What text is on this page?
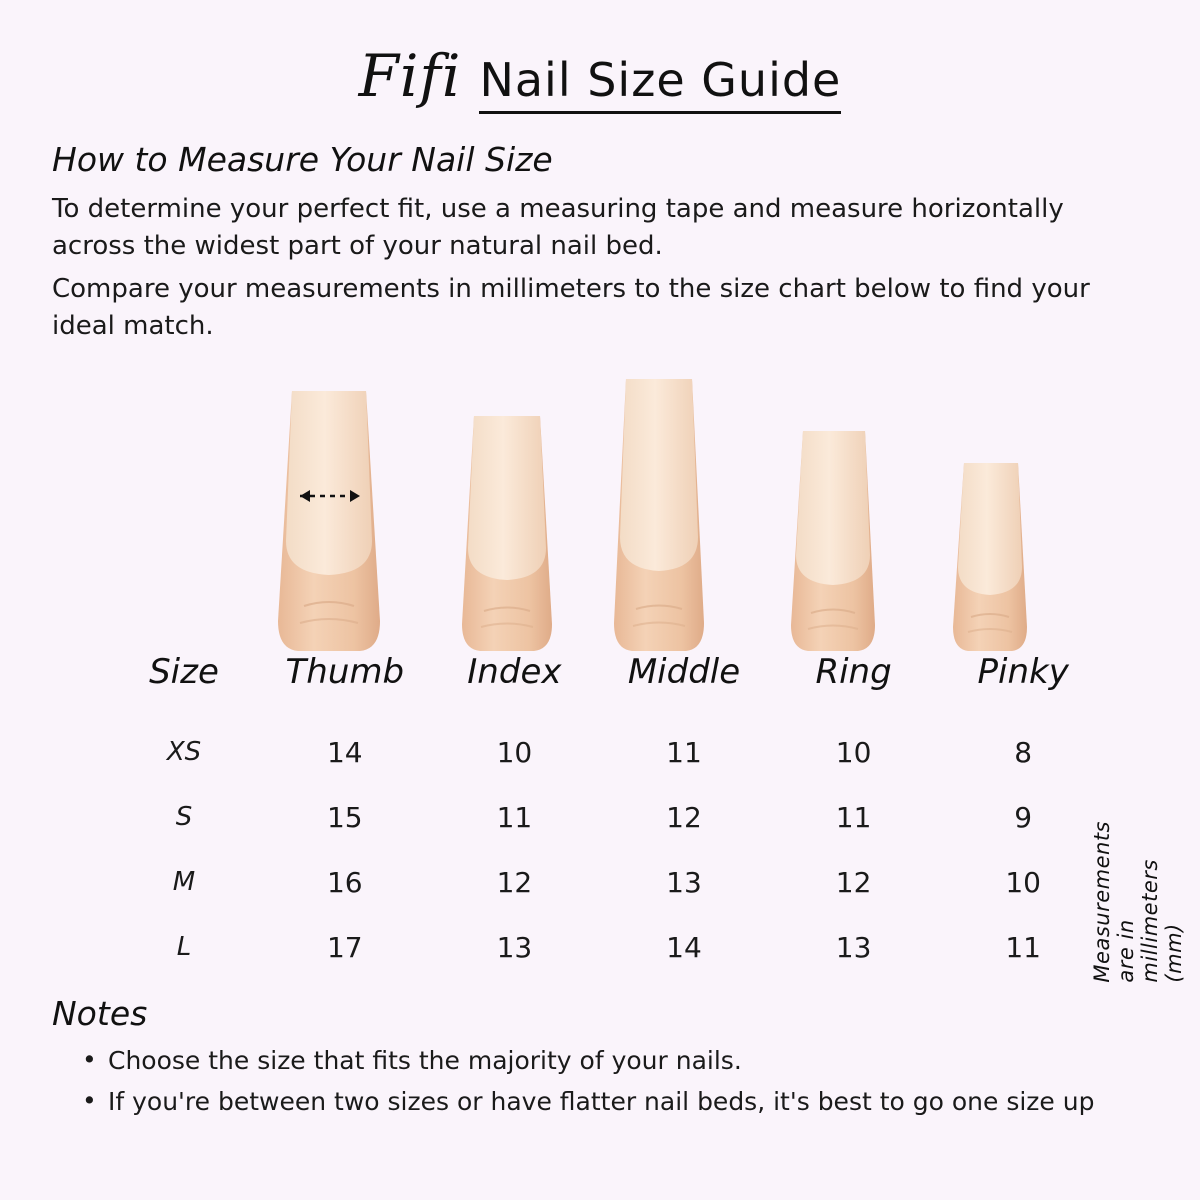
Fifi Nail Size Guide
How to Measure Your Nail Size

To determine your perfect fit, use a measuring tape and measure horizontally across the widest part of your natural nail bed.

Compare your measurements in millimeters to the size chart below to find your ideal match.

Size	Thumb	Index	Middle	Ring	Pinky
XS	14	10	11	10	8
S	15	11	12	11	9
M	16	12	13	12	10
L	17	13	14	13	11 Measurements are in millimeters (mm)
Notes
• Choose the size that fits the majority of your nails.
• If you're between two sizes or have flatter nail beds, it's best to go one size up
